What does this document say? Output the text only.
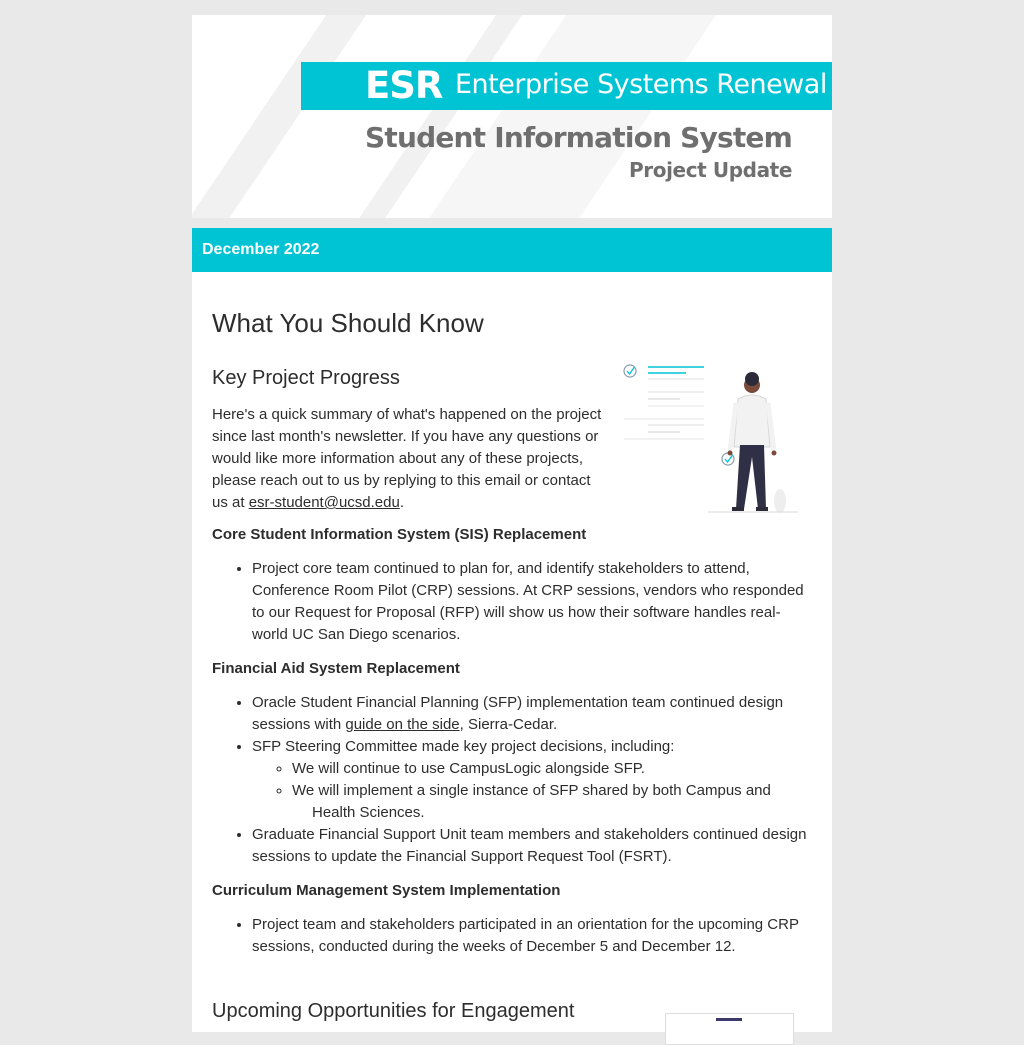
ESR Enterprise Systems Renewal
Student Information System
Project Update
December 2022
What You Should Know
Key Project Progress

Here's a quick summary of what's happened on the project since last month's newsletter. If you have any questions or would like more information about any of these projects, please reach out to us by replying to this email or contact us at esr-student@ucsd.edu.

Core Student Information System (SIS) Replacement
• Project core team continued to plan for, and identify stakeholders to attend, Conference Room Pilot (CRP) sessions. At CRP sessions, vendors who responded to our Request for Proposal (RFP) will show us how their software handles real-world UC San Diego scenarios.
Financial Aid System Replacement
• Oracle Student Financial Planning (SFP) implementation team continued design sessions with guide on the side, Sierra-Cedar.
• SFP Steering Committee made key project decisions, including:
◦ We will continue to use CampusLogic alongside SFP.
◦ We will implement a single instance of SFP shared by both Campus and Health Sciences.
• Graduate Financial Support Unit team members and stakeholders continued design sessions to update the Financial Support Request Tool (FSRT).
Curriculum Management System Implementation
• Project team and stakeholders participated in an orientation for the upcoming CRP sessions, conducted during the weeks of December 5 and December 12.
Upcoming Opportunities for Engagement
